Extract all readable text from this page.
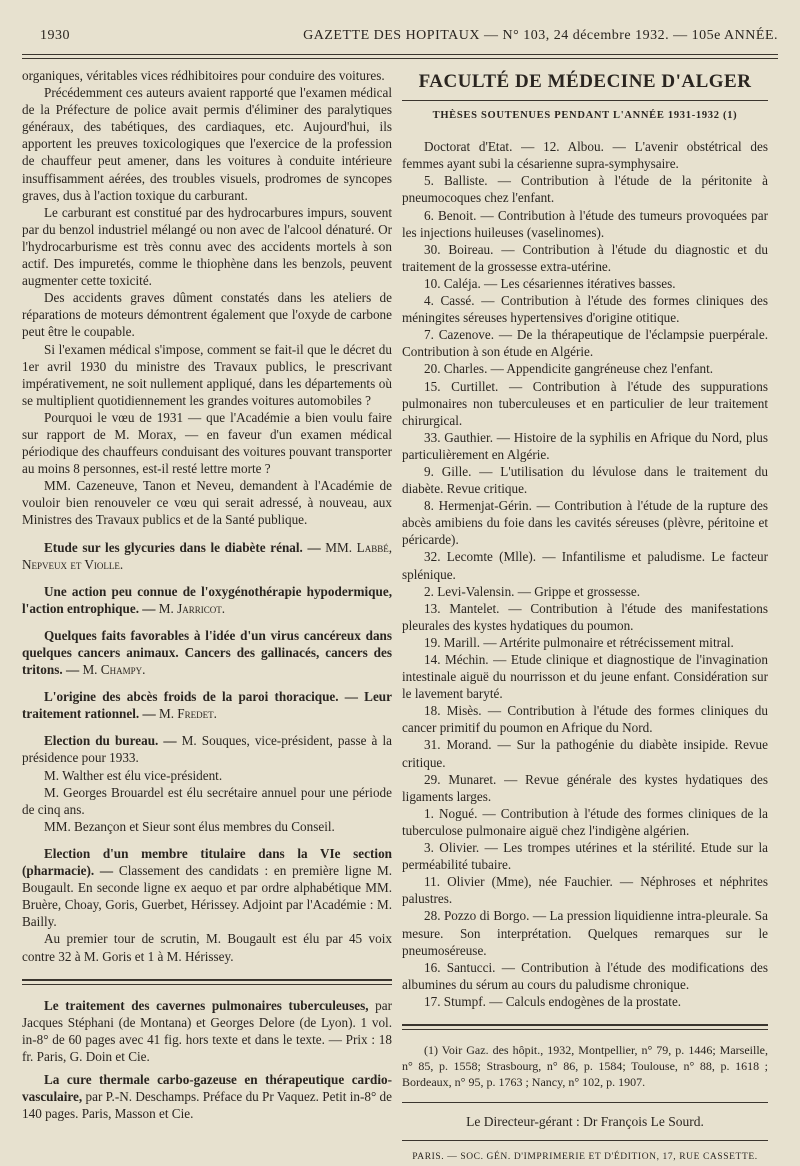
1930	GAZETTE DES HOPITAUX — N° 103, 24 décembre 1932. — 105e ANNÉE.

organiques, véritables vices rédhibitoires pour conduire des voitures.

Précédemment ces auteurs avaient rapporté que l'examen médical de la Préfecture de police avait permis d'éliminer des paralytiques généraux, des tabétiques, des cardiaques, etc. Aujourd'hui, ils apportent les preuves toxicologiques que l'exercice de la profession de chauffeur peut amener, dans les voitures à conduite intérieure insuffisamment aérées, des troubles visuels, prodromes de syncopes graves, dus à l'action toxique du carburant.

Le carburant est constitué par des hydrocarbures impurs, souvent par du benzol industriel mélangé ou non avec de l'alcool dénaturé. Or l'hydrocarburisme est très connu avec des accidents mortels à son actif. Des impuretés, comme le thiophène dans les benzols, peuvent augmenter cette toxicité.

Des accidents graves dûment constatés dans les ateliers de réparations de moteurs démontrent également que l'oxyde de carbone peut être le coupable.

Si l'examen médical s'impose, comment se fait-il que le décret du 1er avril 1930 du ministre des Travaux publics, le prescrivant impérativement, ne soit nullement appliqué, dans les départements où se multiplient quotidiennement les grandes voitures automobiles ?

Pourquoi le vœu de 1931 — que l'Académie a bien voulu faire sur rapport de M. Morax, — en faveur d'un examen médical périodique des chauffeurs conduisant des voitures pouvant transporter au moins 8 personnes, est-il resté lettre morte ?

MM. Cazeneuve, Tanon et Neveu, demandent à l'Académie de vouloir bien renouveler ce vœu qui serait adressé, à nouveau, aux Ministres des Travaux publics et de la Santé publique.

Etude sur les glycuries dans le diabète rénal. — MM. Labbé, Nepveux et Violle.

Une action peu connue de l'oxygénothérapie hypodermique, l'action entrophique. — M. Jarricot.

Quelques faits favorables à l'idée d'un virus cancéreux dans quelques cancers animaux. Cancers des gallinacés, cancers des tritons. — M. Champy.

L'origine des abcès froids de la paroi thoracique. — Leur traitement rationnel. — M. Fredet.

Election du bureau. — M. Souques, vice-président, passe à la présidence pour 1933.

M. Walther est élu vice-président.

M. Georges Brouardel est élu secrétaire annuel pour une période de cinq ans.

MM. Bezançon et Sieur sont élus membres du Conseil.

Election d'un membre titulaire dans la VIe section (pharmacie). — Classement des candidats : en première ligne M. Bougault. En seconde ligne ex aequo et par ordre alphabétique MM. Bruère, Choay, Goris, Guerbet, Hérissey. Adjoint par l'Académie : M. Bailly.

Au premier tour de scrutin, M. Bougault est élu par 45 voix contre 32 à M. Goris et 1 à M. Hérissey.

Le traitement des cavernes pulmonaires tuberculeuses, par Jacques Stéphani (de Montana) et Georges Delore (de Lyon). 1 vol. in-8° de 60 pages avec 41 fig. hors texte et dans le texte. — Prix : 18 fr. Paris, G. Doin et Cie.

La cure thermale carbo-gazeuse en thérapeutique cardio-vasculaire, par P.-N. Deschamps. Préface du Pr Vaquez. Petit in-8° de 140 pages. Paris, Masson et Cie.

FACULTÉ DE MÉDECINE D'ALGER
THÈSES SOUTENUES PENDANT L'ANNÉE 1931-1932 (1)

Doctorat d'Etat. — 12. Albou. — L'avenir obstétrical des femmes ayant subi la césarienne supra-symphysaire.

5. Balliste. — Contribution à l'étude de la péritonite à pneumocoques chez l'enfant.

6. Benoit. — Contribution à l'étude des tumeurs provoquées par les injections huileuses (vaselinomes).

30. Boireau. — Contribution à l'étude du diagnostic et du traitement de la grossesse extra-utérine.

10. Caléja. — Les césariennes itératives basses.

4. Cassé. — Contribution à l'étude des formes cliniques des méningites séreuses hypertensives d'origine otitique.

7. Cazenove. — De la thérapeutique de l'éclampsie puerpérale. Contribution à son étude en Algérie.

20. Charles. — Appendicite gangréneuse chez l'enfant.

15. Curtillet. — Contribution à l'étude des suppurations pulmonaires non tuberculeuses et en particulier de leur traitement chirurgical.

33. Gauthier. — Histoire de la syphilis en Afrique du Nord, plus particulièrement en Algérie.

9. Gille. — L'utilisation du lévulose dans le traitement du diabète. Revue critique.

8. Hermenjat-Gérin. — Contribution à l'étude de la rupture des abcès amibiens du foie dans les cavités séreuses (plèvre, péritoine et péricarde).

32. Lecomte (Mlle). — Infantilisme et paludisme. Le facteur splénique.

2. Levi-Valensin. — Grippe et grossesse.

13. Mantelet. — Contribution à l'étude des manifestations pleurales des kystes hydatiques du poumon.

19. Marill. — Artérite pulmonaire et rétrécissement mitral.

14. Méchin. — Etude clinique et diagnostique de l'invagination intestinale aiguë du nourrisson et du jeune enfant. Considération sur le lavement baryté.

18. Misès. — Contribution à l'étude des formes cliniques du cancer primitif du poumon en Afrique du Nord.

31. Morand. — Sur la pathogénie du diabète insipide. Revue critique.

29. Munaret. — Revue générale des kystes hydatiques des ligaments larges.

1. Nogué. — Contribution à l'étude des formes cliniques de la tuberculose pulmonaire aiguë chez l'indigène algérien.

3. Olivier. — Les trompes utérines et la stérilité. Etude sur la perméabilité tubaire.

11. Olivier (Mme), née Fauchier. — Néphroses et néphrites palustres.

28. Pozzo di Borgo. — La pression liquidienne intra-pleurale. Sa mesure. Son interprétation. Quelques remarques sur le pneumoséreuse.

16. Santucci. — Contribution à l'étude des modifications des albumines du sérum au cours du paludisme chronique.

17. Stumpf. — Calculs endogènes de la prostate.

(1) Voir Gaz. des hôpit., 1932, Montpellier, n° 79, p. 1446; Marseille, n° 85, p. 1558; Strasbourg, n° 86, p. 1584; Toulouse, n° 88, p. 1618 ; Bordeaux, n° 95, p. 1763 ; Nancy, n° 102, p. 1907.

Le Directeur-gérant : Dr François Le Sourd.

PARIS. — SOC. GÉN. D'IMPRIMERIE ET D'ÉDITION, 17, RUE CASSETTE.
